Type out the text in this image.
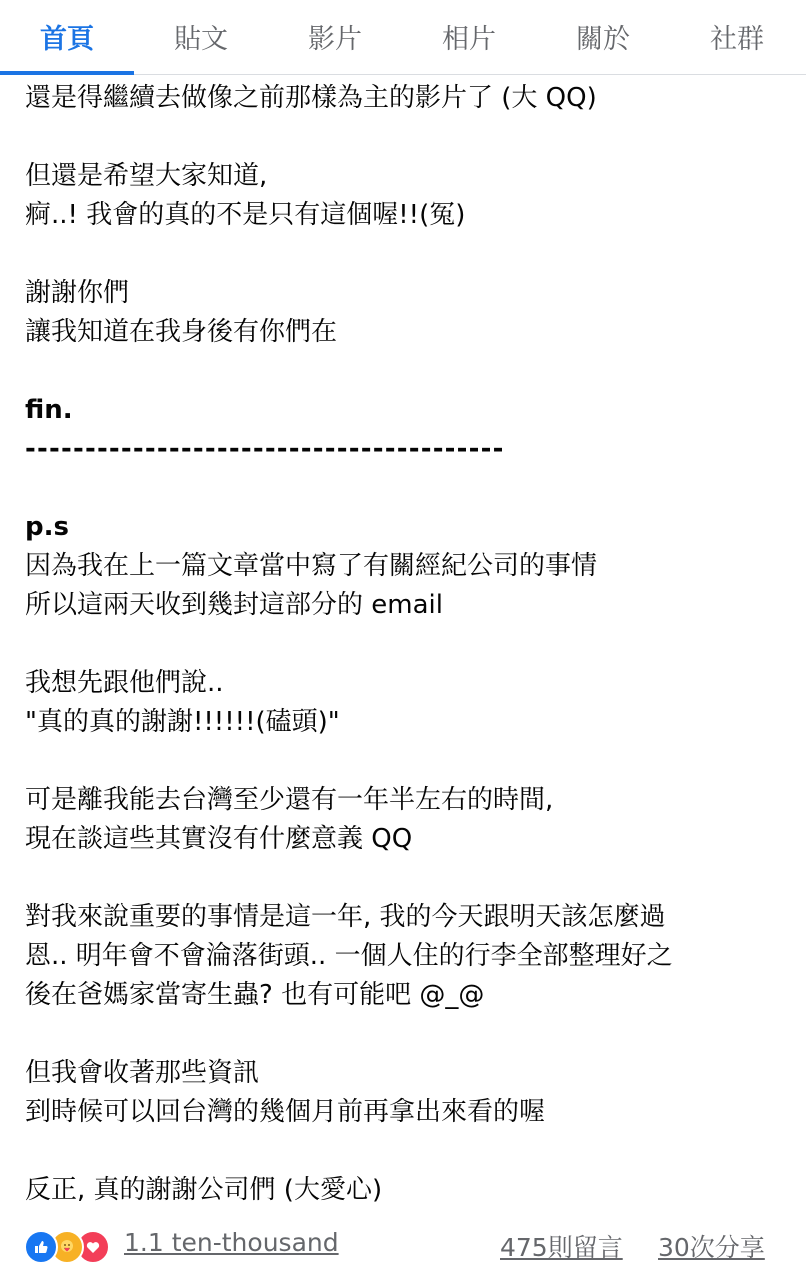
首頁	貼文	影片	相片	關於	社群
還是得繼續去做像之前那樣為主的影片了 (大 QQ)
但還是希望大家知道,
痾..! 我會的真的不是只有這個喔!!(冤)
謝謝你們
讓我知道在我身後有你們在
fin.
----------------------------------------
p.s
因為我在上一篇文章當中寫了有關經紀公司的事情
所以這兩天收到幾封這部分的 email
我想先跟他們說..
"真的真的謝謝!!!!!!(磕頭)"
可是離我能去台灣至少還有一年半左右的時間,
現在談這些其實沒有什麼意義 QQ
對我來說重要的事情是這一年, 我的今天跟明天該怎麼過
恩.. 明年會不會淪落街頭.. 一個人住的行李全部整理好之
後在爸媽家當寄生蟲? 也有可能吧 @_@
但我會收著那些資訊
到時候可以回台灣的幾個月前再拿出來看的喔
反正, 真的謝謝公司們 (大愛心)
1.1 ten-thousand	475則留言 30次分享
